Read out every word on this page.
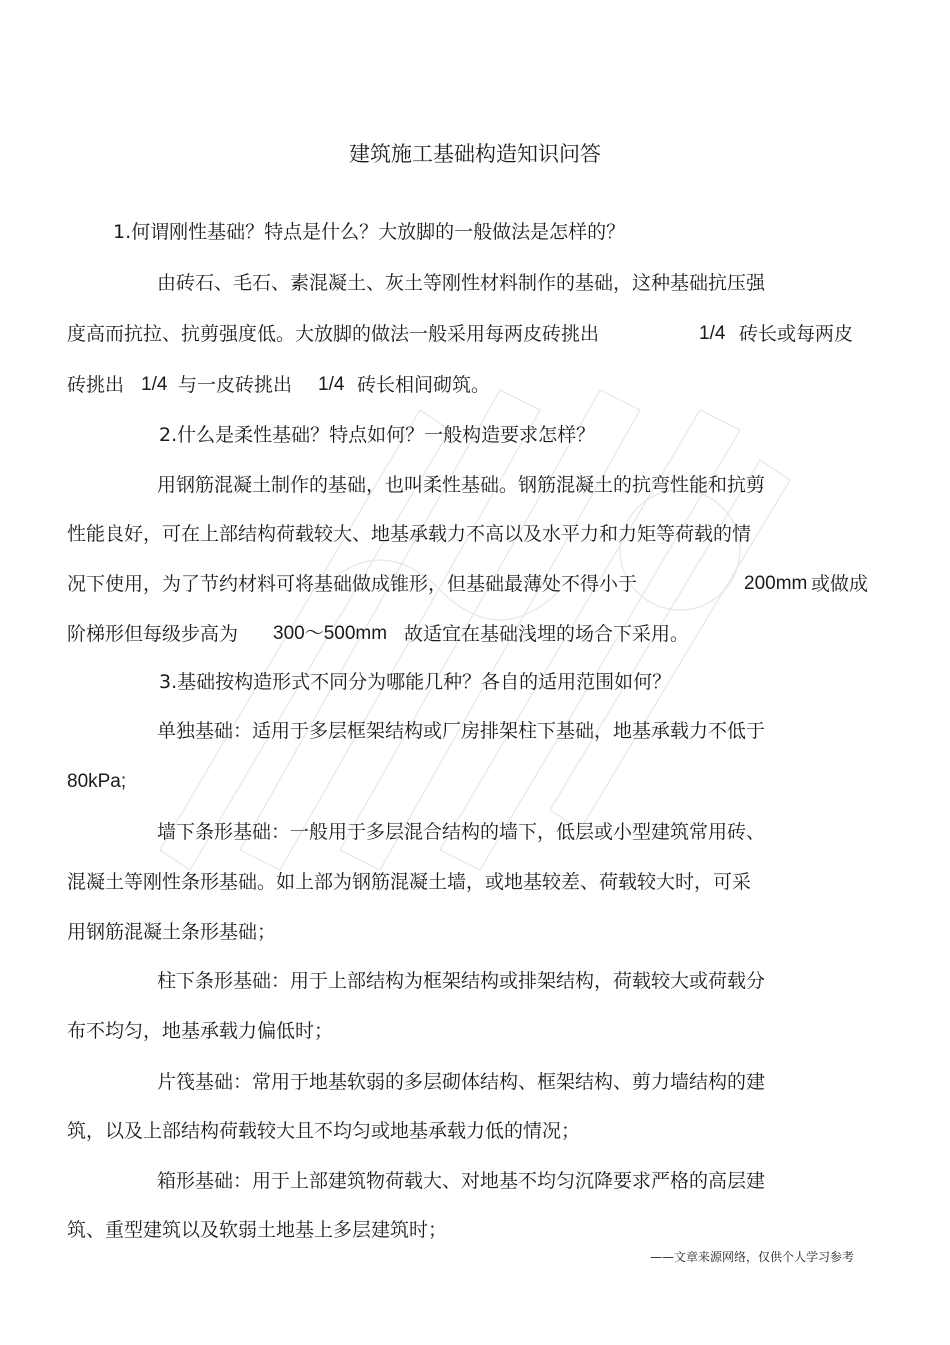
建筑施工基础构造知识问答
1.何谓刚性基础？特点是什么？大放脚的一般做法是怎样的？
由砖石、毛石、素混凝土、灰土等刚性材料制作的基础，这种基础抗压强
度高而抗拉、抗剪强度低。大放脚的做法一般采用每两皮砖挑出	1/4 砖长或每两皮
砖挑出 1/4 与一皮砖挑出 1/4 砖长相间砌筑。
2.什么是柔性基础？特点如何？一般构造要求怎样？
用钢筋混凝土制作的基础，也叫柔性基础。钢筋混凝土的抗弯性能和抗剪
性能良好，可在上部结构荷载较大、地基承载力不高以及水平力和力矩等荷载的情
况下使用，为了节约材料可将基础做成锥形，但基础最薄处不得小于	200mm 或做成
阶梯形但每级步高为 300～500mm 故适宜在基础浅埋的场合下采用。
3.基础按构造形式不同分为哪能几种？各自的适用范围如何？
单独基础：适用于多层框架结构或厂房排架柱下基础，地基承载力不低于
80kPa;
墙下条形基础：一般用于多层混合结构的墙下，低层或小型建筑常用砖、
混凝土等刚性条形基础。如上部为钢筋混凝土墙，或地基较差、荷载较大时，可采
用钢筋混凝土条形基础；
柱下条形基础：用于上部结构为框架结构或排架结构，荷载较大或荷载分
布不均匀，地基承载力偏低时；
片筏基础：常用于地基软弱的多层砌体结构、框架结构、剪力墙结构的建
筑，以及上部结构荷载较大且不均匀或地基承载力低的情况；
箱形基础：用于上部建筑物荷载大、对地基不均匀沉降要求严格的高层建
筑、重型建筑以及软弱土地基上多层建筑时；
——文章来源网络，仅供个人学习参考
